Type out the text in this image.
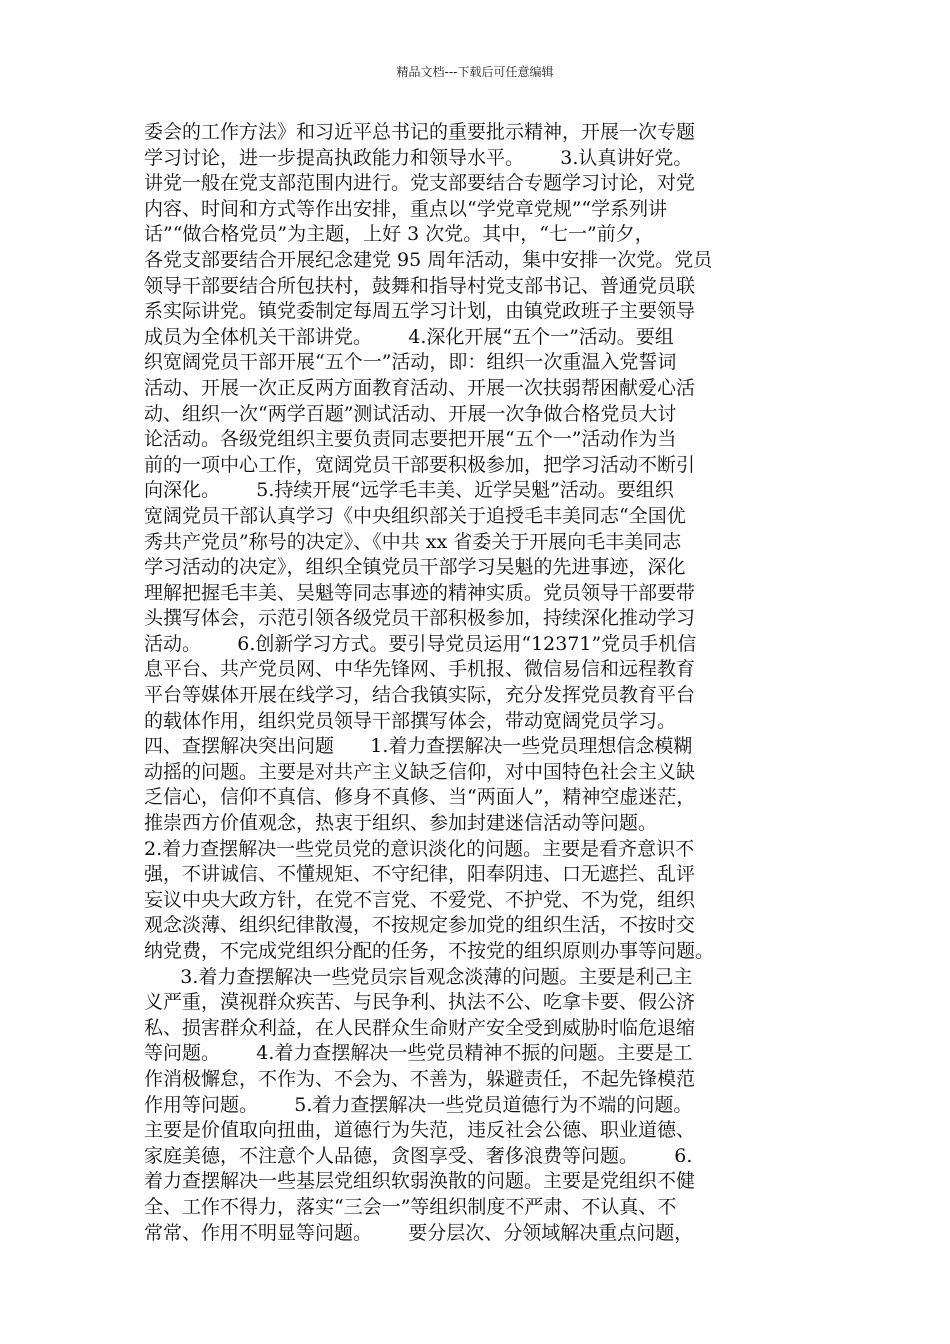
精品文档---下载后可任意编辑
委会的工作方法》和习近平总书记的重要批示精神，开展一次专题
学习讨论，进一步提高执政能力和领导水平。      3.认真讲好党。
讲党一般在党支部范围内进行。党支部要结合专题学习讨论，对党
内容、时间和方式等作出安排，重点以“学党章党规”“学系列讲
话”“做合格党员”为主题，上好 3 次党。其中，“七一”前夕，
各党支部要结合开展纪念建党 95 周年活动，集中安排一次党。党员
领导干部要结合所包扶村，鼓舞和指导村党支部书记、普通党员联
系实际讲党。镇党委制定每周五学习计划，由镇党政班子主要领导
成员为全体机关干部讲党。      4.深化开展“五个一”活动。要组
织宽阔党员干部开展“五个一”活动，即：组织一次重温入党誓词
活动、开展一次正反两方面教育活动、开展一次扶弱帮困献爱心活
动、组织一次“两学百题”测试活动、开展一次争做合格党员大讨
论活动。各级党组织主要负责同志要把开展“五个一”活动作为当
前的一项中心工作，宽阔党员干部要积极参加，把学习活动不断引
向深化。      5.持续开展“远学毛丰美、近学吴魁”活动。要组织
宽阔党员干部认真学习《中央组织部关于追授毛丰美同志“全国优
秀共产党员”称号的决定》、《中共 xx 省委关于开展向毛丰美同志
学习活动的决定》，组织全镇党员干部学习吴魁的先进事迹，深化
理解把握毛丰美、吴魁等同志事迹的精神实质。党员领导干部要带
头撰写体会，示范引领各级党员干部积极参加，持续深化推动学习
活动。      6.创新学习方式。要引导党员运用“12371”党员手机信
息平台、共产党员网、中华先锋网、手机报、微信易信和远程教育
平台等媒体开展在线学习，结合我镇实际，充分发挥党员教育平台
的载体作用，组织党员领导干部撰写体会，带动宽阔党员学习。
四、查摆解决突出问题      1.着力查摆解决一些党员理想信念模糊
动摇的问题。主要是对共产主义缺乏信仰，对中国特色社会主义缺
乏信心，信仰不真信、修身不真修、当“两面人”，精神空虚迷茫，
推崇西方价值观念，热衷于组织、参加封建迷信活动等问题。
2.着力查摆解决一些党员党的意识淡化的问题。主要是看齐意识不
强，不讲诚信、不懂规矩、不守纪律，阳奉阴违、口无遮拦、乱评
妄议中央大政方针，在党不言党、不爱党、不护党、不为党，组织
观念淡薄、组织纪律散漫，不按规定参加党的组织生活，不按时交
纳党费，不完成党组织分配的任务，不按党的组织原则办事等问题。
3.着力查摆解决一些党员宗旨观念淡薄的问题。主要是利己主
义严重，漠视群众疾苦、与民争利、执法不公、吃拿卡要、假公济
私、损害群众利益，在人民群众生命财产安全受到威胁时临危退缩
等问题。      4.着力查摆解决一些党员精神不振的问题。主要是工
作消极懈怠，不作为、不会为、不善为，躲避责任，不起先锋模范
作用等问题。      5.着力查摆解决一些党员道德行为不端的问题。
主要是价值取向扭曲，道德行为失范，违反社会公德、职业道德、
家庭美德，不注意个人品德，贪图享受、奢侈浪费等问题。      6.
着力查摆解决一些基层党组织软弱涣散的问题。主要是党组织不健
全、工作不得力，落实“三会一”等组织制度不严肃、不认真、不
常常、作用不明显等问题。      要分层次、分领域解决重点问题，
